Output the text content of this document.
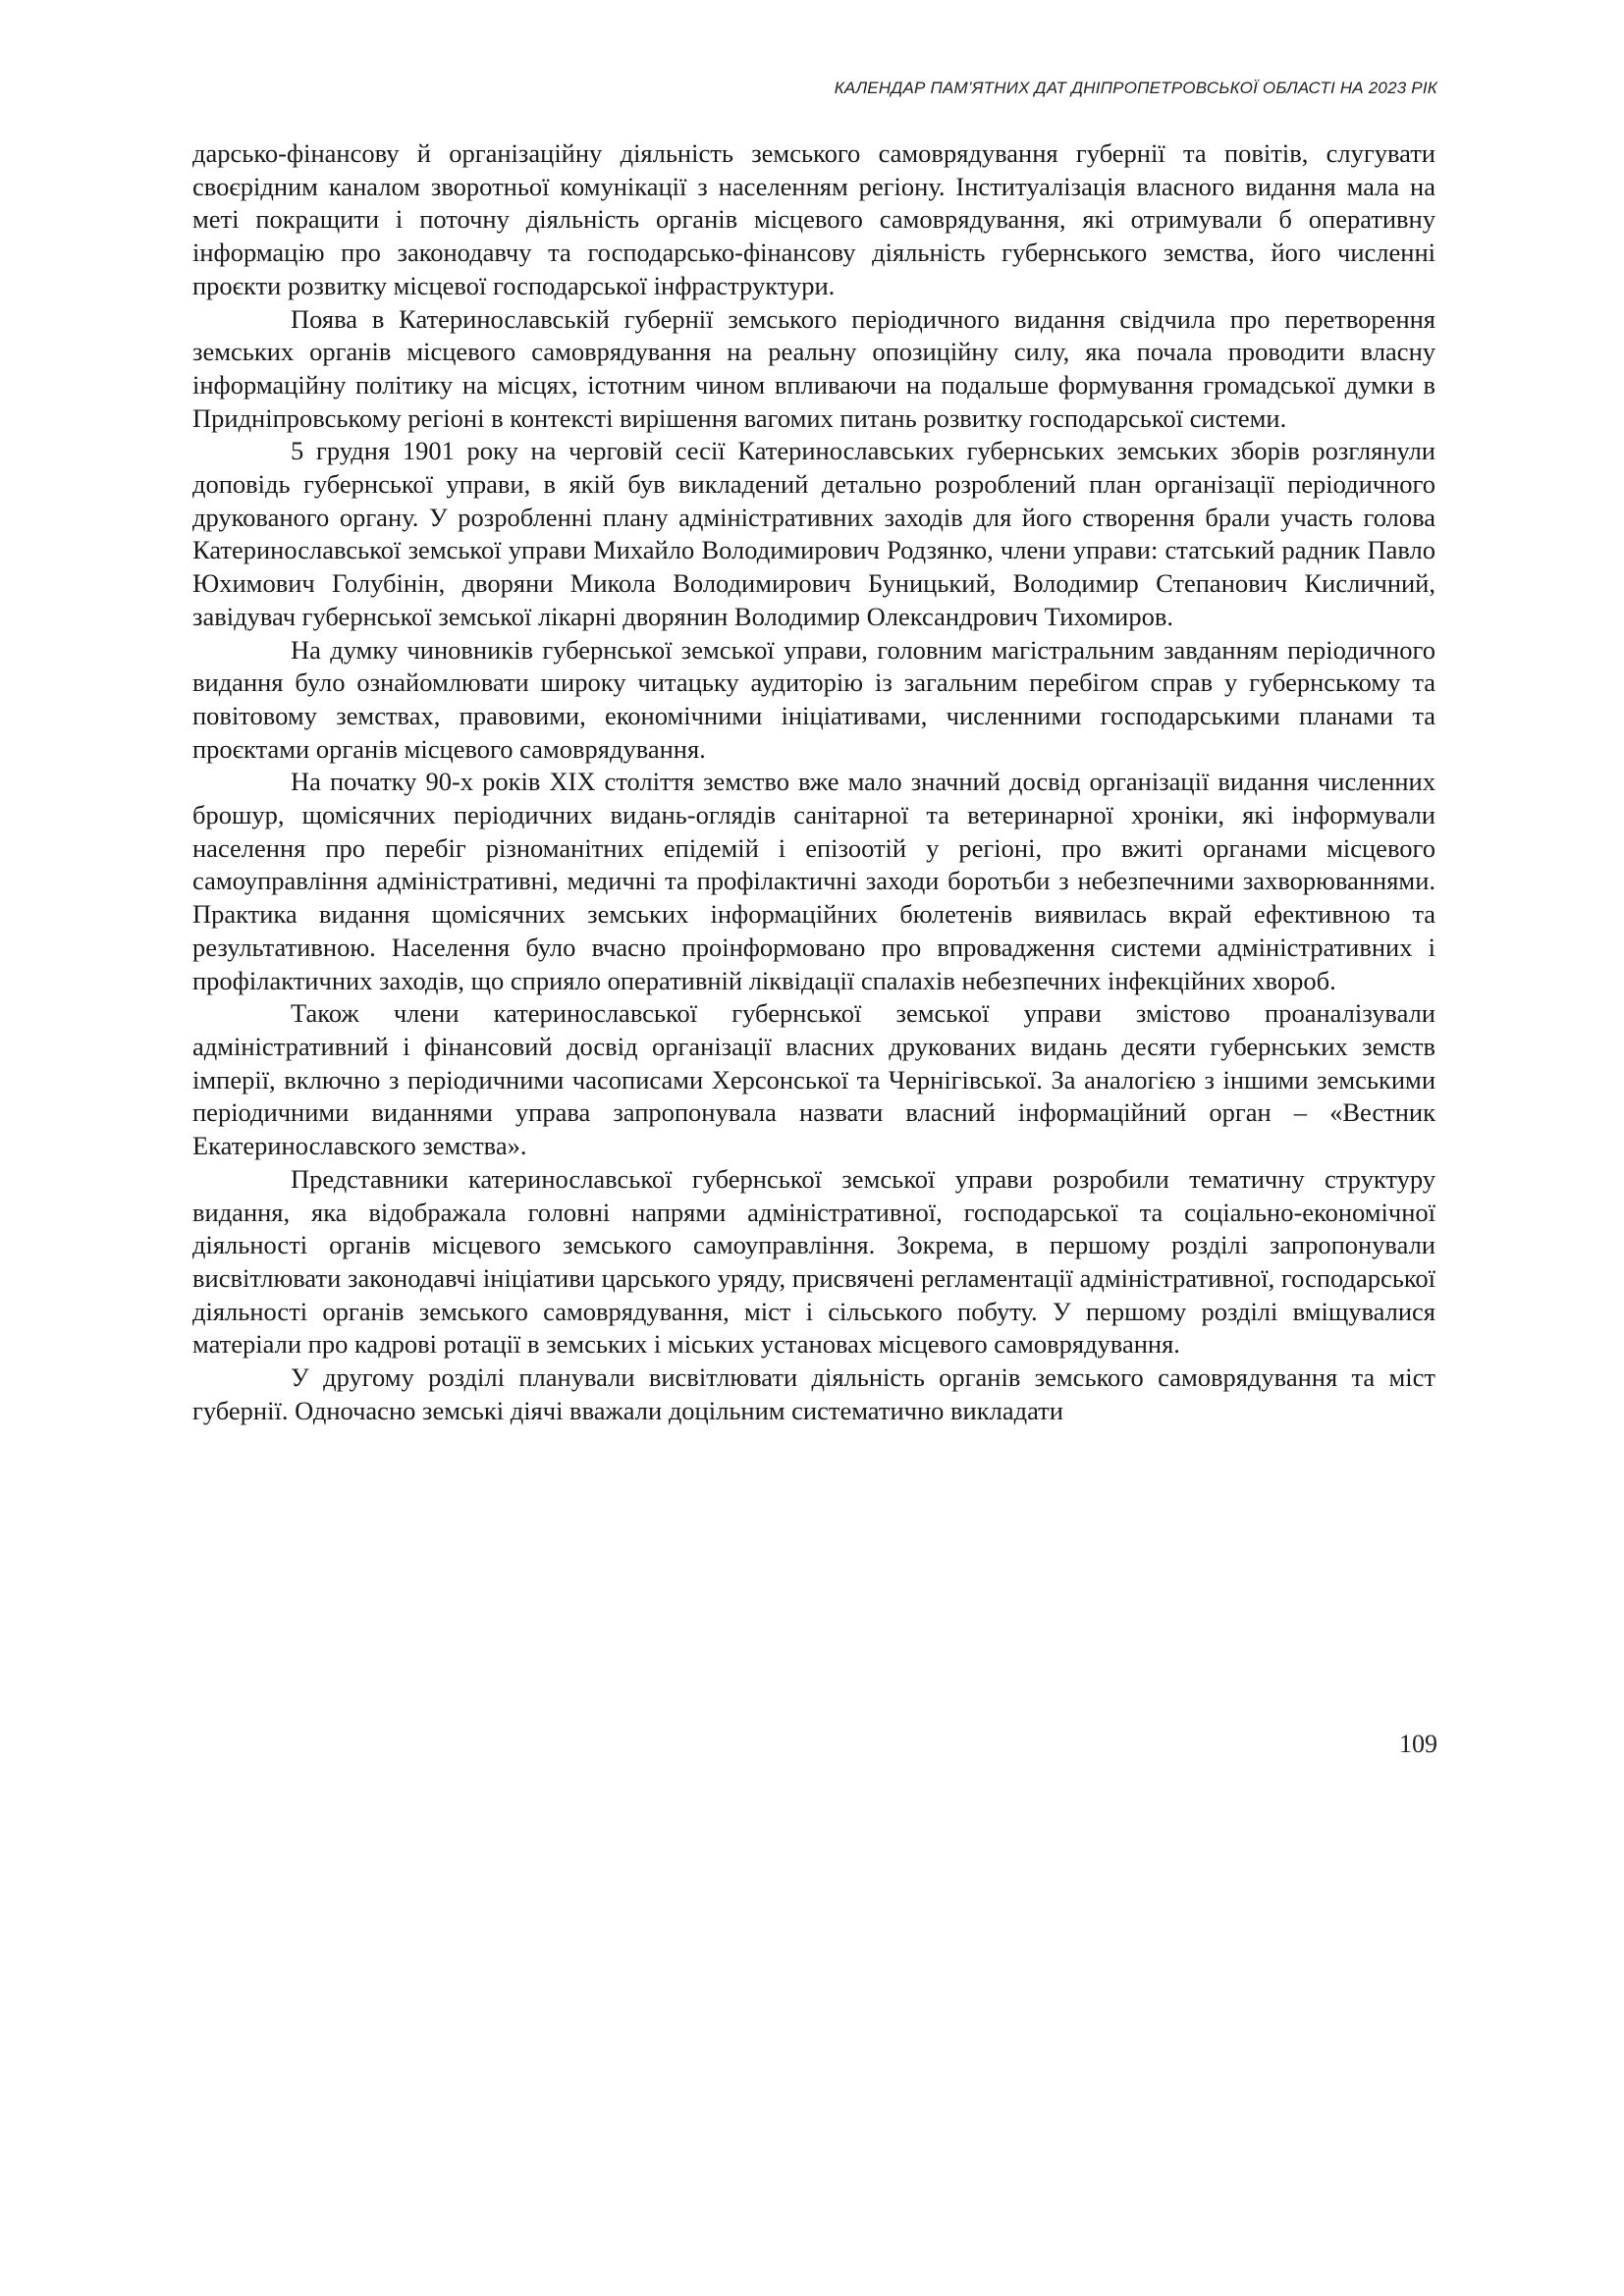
КАЛЕНДАР ПАМ’ЯТНИХ ДАТ ДНІПРОПЕТРОВСЬКОЇ ОБЛАСТІ НА 2023 РІК

дарсько-фінансову й організаційну діяльність земського самоврядування губернії та повітів, слугувати своєрідним каналом зворотньої комунікації з населенням регіону. Інституалізація власного видання мала на меті покращити і поточну діяльність органів місцевого самоврядування, які отримували б оперативну інформацію про законодавчу та господарсько-фінансову діяльність губернського земства, його численні проєкти розвитку місцевої господарської інфраструктури.

Поява в Катеринославській губернії земського періодичного видання свідчила про перетворення земських органів місцевого самоврядування на реальну опозиційну силу, яка почала проводити власну інформаційну політику на місцях, істотним чином впливаючи на подальше формування громадської думки в Придніпровському регіоні в контексті вирішення вагомих питань розвитку господарської системи.

5 грудня 1901 року на черговій сесії Катеринославських губернських земських зборів розглянули доповідь губернської управи, в якій був викладений детально розроблений план організації періодичного друкованого органу. У розробленні плану адміністративних заходів для його створення брали участь голова Катеринославської земської управи Михайло Володимирович Родзянко, члени управи: статський радник Павло Юхимович Голубінін, дворяни Микола Володимирович Буницький, Володимир Степанович Кисличний, завідувач губернської земської лікарні дворянин Володимир Олександрович Тихомиров.

На думку чиновників губернської земської управи, головним магістральним завданням періодичного видання було ознайомлювати широку читацьку аудиторію із загальним перебігом справ у губернському та повітовому земствах, правовими, економічними ініціативами, численними господарськими планами та проєктами органів місцевого самоврядування.

На початку 90-х років XIX століття земство вже мало значний досвід організації видання численних брошур, щомісячних періодичних видань-оглядів санітарної та ветеринарної хроніки, які інформували населення про перебіг різноманітних епідемій і епізоотій у регіоні, про вжиті органами місцевого самоуправління адміністративні, медичні та профілактичні заходи боротьби з небезпечними захворюваннями. Практика видання щомісячних земських інформаційних бюлетенів виявилась вкрай ефективною та результативною. Населення було вчасно проінформовано про впровадження системи адміністративних і профілактичних заходів, що сприяло оперативній ліквідації спалахів небезпечних інфекційних хвороб.

Також члени катеринославської губернської земської управи змістово проаналізували адміністративний і фінансовий досвід організації власних друкованих видань десяти губернських земств імперії, включно з періодичними часописами Херсонської та Чернігівської. За аналогією з іншими земськими періодичними виданнями управа запропонувала назвати власний інформаційний орган – «Вестник Екатеринославского земства».

Представники катеринославської губернської земської управи розробили тематичну структуру видання, яка відображала головні напрями адміністративної, господарської та соціально-економічної діяльності органів місцевого земського самоуправління. Зокрема, в першому розділі запропонували висвітлювати законодавчі ініціативи царського уряду, присвячені регламентації адміністративної, господарської діяльності органів земського самоврядування, міст і сільського побуту. У першому розділі вміщувалися матеріали про кадрові ротації в земських і міських установах місцевого самоврядування.

У другому розділі планували висвітлювати діяльність органів земського самоврядування та міст губернії. Одночасно земські діячі вважали доцільним систематично викладати

109
